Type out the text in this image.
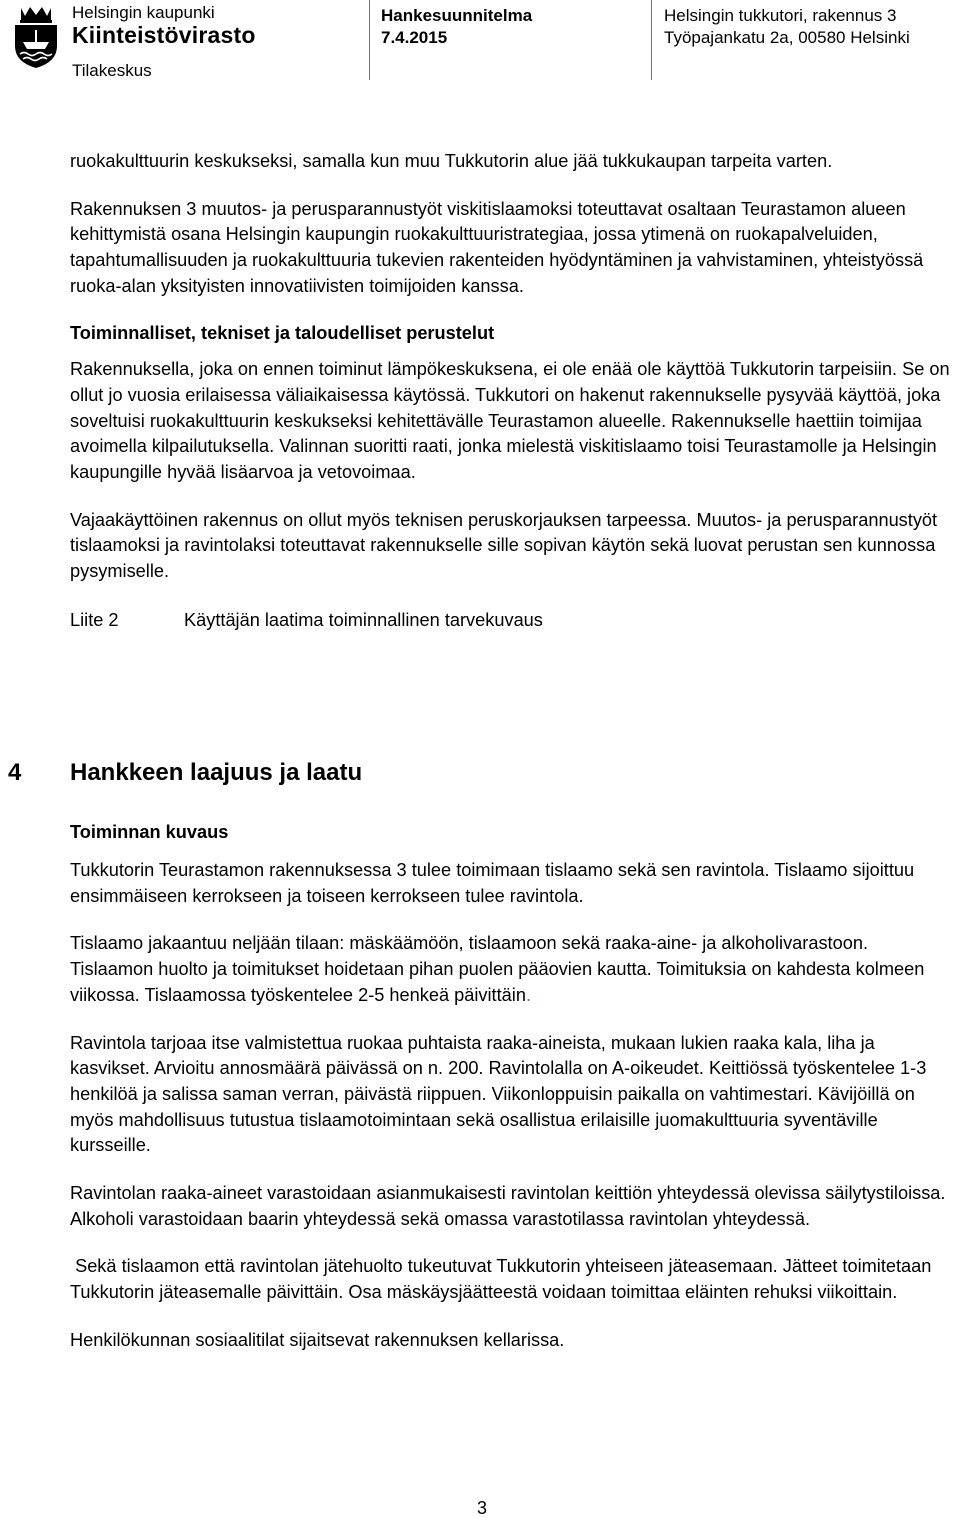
Helsingin kaupunki
Kiinteistövirasto
Tilakeskus
Hankesuunnitelma
7.4.2015
Helsingin tukkutori, rakennus 3
Työpajankatu 2a, 00580 Helsinki

ruokakulttuurin keskukseksi, samalla kun muu Tukkutorin alue jää tukkukaupan tarpeita varten.

Rakennuksen 3 muutos- ja perusparannustyöt viskitislaamoksi toteuttavat osaltaan Teurastamon alueen kehittymistä osana Helsingin kaupungin ruokakulttuuristrategiaa, jossa ytimenä on ruokapalveluiden, tapahtumallisuuden ja ruokakulttuuria tukevien rakenteiden hyödyntäminen ja vahvistaminen, yhteistyössä ruoka-alan yksityisten innovatiivisten toimijoiden kanssa.

Toiminnalliset, tekniset ja taloudelliset perustelut

Rakennuksella, joka on ennen toiminut lämpökeskuksena, ei ole enää ole käyttöä Tukkutorin tarpeisiin. Se on ollut jo vuosia erilaisessa väliaikaisessa käytössä. Tukkutori on hakenut rakennukselle pysyvää käyttöä, joka soveltuisi ruokakulttuurin keskukseksi kehitettävälle Teurastamon alueelle. Rakennukselle haettiin toimijaa avoimella kilpailutuksella. Valinnan suoritti raati, jonka mielestä viskitislaamo toisi Teurastamolle ja Helsingin kaupungille hyvää lisäarvoa ja vetovoimaa.

Vajaakäyttöinen rakennus on ollut myös teknisen peruskorjauksen tarpeessa. Muutos- ja perusparannustyöt tislaamoksi ja ravintolaksi toteuttavat rakennukselle sille sopivan käytön sekä luovat perustan sen kunnossa pysymiselle.

Liite 2	Käyttäjän laatima toiminnallinen tarvekuvaus

4 Hankkeen laajuus ja laatu
Toiminnan kuvaus

Tukkutorin Teurastamon rakennuksessa 3 tulee toimimaan tislaamo sekä sen ravintola. Tislaamo sijoittuu ensimmäiseen kerrokseen ja toiseen kerrokseen tulee ravintola.

Tislaamo jakaantuu neljään tilaan: mäskäämöön, tislaamoon sekä raaka-aine- ja alkoholivarastoon. Tislaamon huolto ja toimitukset hoidetaan pihan puolen pääovien kautta. Toimituksia on kahdesta kolmeen viikossa. Tislaamossa työskentelee 2-5 henkeä päivittäin.

Ravintola tarjoaa itse valmistettua ruokaa puhtaista raaka-aineista, mukaan lukien raaka kala, liha ja kasvikset. Arvioitu annosmäärä päivässä on n. 200. Ravintolalla on A-oikeudet. Keittiössä työskentelee 1-3 henkilöä ja salissa saman verran, päivästä riippuen. Viikonloppuisin paikalla on vahtimestari. Kävijöillä on myös mahdollisuus tutustua tislaamotoimintaan sekä osallistua erilaisille juomakulttuuria syventäville kursseille.

Ravintolan raaka-aineet varastoidaan asianmukaisesti ravintolan keittiön yhteydessä olevissa säilytystiloissa. Alkoholi varastoidaan baarin yhteydessä sekä omassa varastotilassa ravintolan yhteydessä.

Sekä tislaamon että ravintolan jätehuolto tukeutuvat Tukkutorin yhteiseen jäteasemaan. Jätteet toimitetaan Tukkutorin jäteasemalle päivittäin. Osa mäskäysjäätteestä voidaan toimittaa eläinten rehuksi viikoittain.

Henkilökunnan sosiaalitilat sijaitsevat rakennuksen kellarissa.

3
